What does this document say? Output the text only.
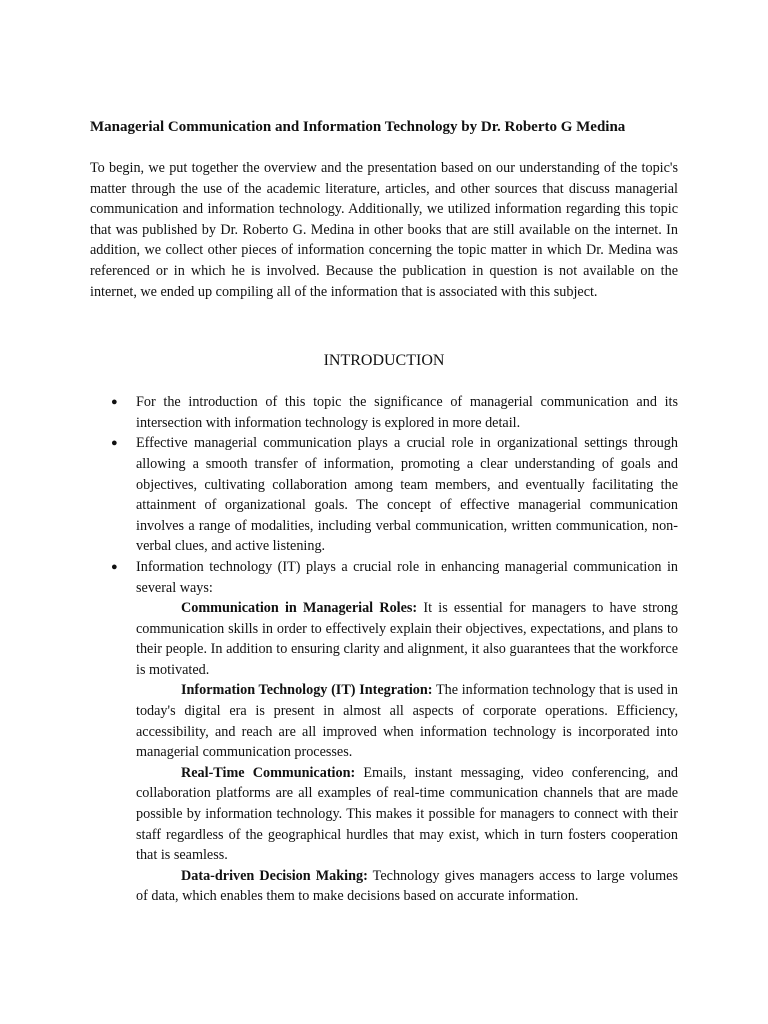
Managerial Communication and Information Technology by Dr. Roberto G Medina

To begin, we put together the overview and the presentation based on our understanding of the topic's matter through the use of the academic literature, articles, and other sources that discuss managerial communication and information technology. Additionally, we utilized information regarding this topic that was published by Dr. Roberto G. Medina in other books that are still available on the internet. In addition, we collect other pieces of information concerning the topic matter in which Dr. Medina was referenced or in which he is involved. Because the publication in question is not available on the internet, we ended up compiling all of the information that is associated with this subject.

INTRODUCTION
● For the introduction of this topic the significance of managerial communication and its intersection with information technology is explored in more detail.
● Effective managerial communication plays a crucial role in organizational settings through allowing a smooth transfer of information, promoting a clear understanding of goals and objectives, cultivating collaboration among team members, and eventually facilitating the attainment of organizational goals. The concept of effective managerial communication involves a range of modalities, including verbal communication, written communication, non-verbal clues, and active listening.
● Information technology (IT) plays a crucial role in enhancing managerial communication in several ways:

Communication in Managerial Roles: It is essential for managers to have strong communication skills in order to effectively explain their objectives, expectations, and plans to their people. In addition to ensuring clarity and alignment, it also guarantees that the workforce is motivated.

Information Technology (IT) Integration: The information technology that is used in today's digital era is present in almost all aspects of corporate operations. Efficiency, accessibility, and reach are all improved when information technology is incorporated into managerial communication processes.

Real-Time Communication: Emails, instant messaging, video conferencing, and collaboration platforms are all examples of real-time communication channels that are made possible by information technology. This makes it possible for managers to connect with their staff regardless of the geographical hurdles that may exist, which in turn fosters cooperation that is seamless.

Data-driven Decision Making: Technology gives managers access to large volumes of data, which enables them to make decisions based on accurate information.
